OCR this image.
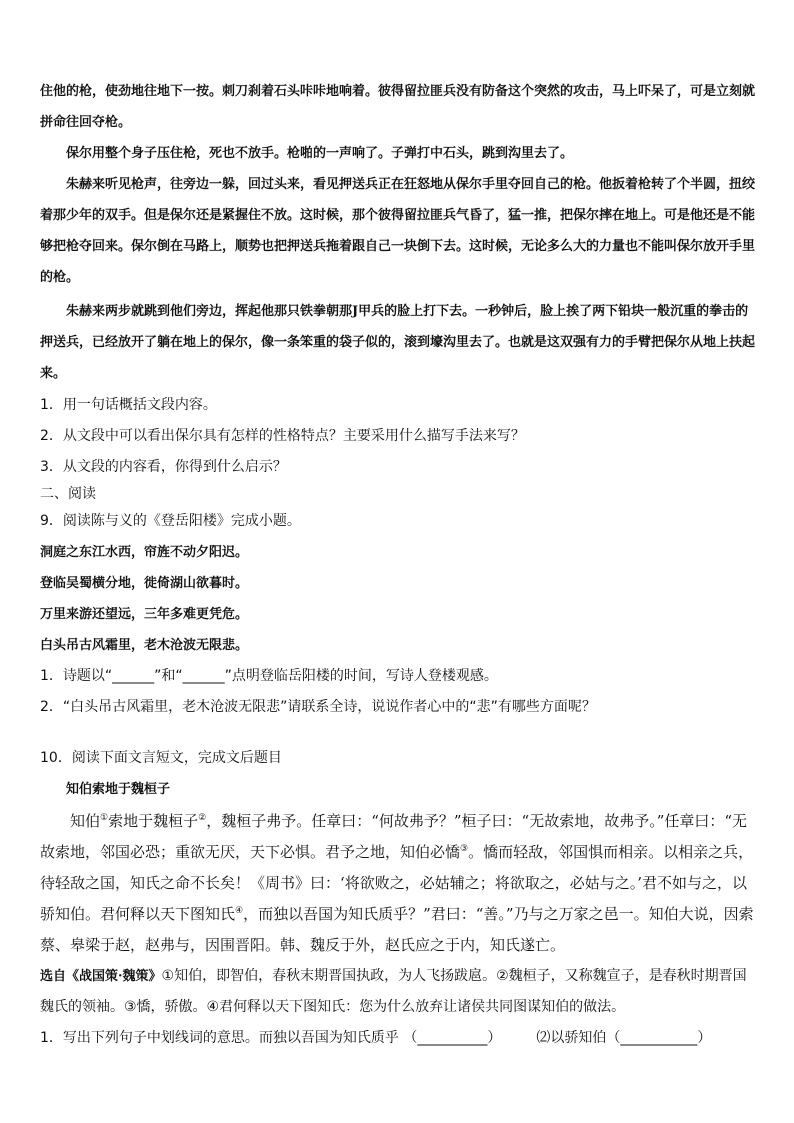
住他的枪，使劲地往地下一按。刺刀刹着石头咔咔地响着。彼得留拉匪兵没有防备这个突然的攻击，马上吓呆了，可是立刻就拼命往回夺枪。

保尔用整个身子压住枪，死也不放手。枪啪的一声响了。子弹打中石头，跳到沟里去了。

朱赫来听见枪声，往旁边一躲，回过头来，看见押送兵正在狂怒地从保尔手里夺回自己的枪。他扳着枪转了个半圆，扭绞着那少年的双手。但是保尔还是紧握住不放。这时候，那个彼得留拉匪兵气昏了，猛一推，把保尔摔在地上。可是他还是不能够把枪夺回来。保尔倒在马路上，顺势也把押送兵拖着跟自己一块倒下去。这时候，无论多么大的力量也不能叫保尔放开手里的枪。

朱赫来两步就跳到他们旁边，挥起他那只铁拳朝那J甲兵的脸上打下去。一秒钟后，脸上挨了两下铅块一般沉重的拳击的押送兵，已经放开了躺在地上的保尔，像一条笨重的袋子似的，滚到壕沟里去了。也就是这双强有力的手臂把保尔从地上扶起来。

1．用一句话概括文段内容。

2．从文段中可以看出保尔具有怎样的性格特点？主要采用什么描写手法来写？

3．从文段的内容看，你得到什么启示？

二、阅读

9．阅读陈与义的《登岳阳楼》完成小题。

洞庭之东江水西，帘旌不动夕阳迟。

登临吴蜀横分地，徙倚湖山欲暮时。

万里来游还望远，三年多难更凭危。

白头吊古风霜里，老木沧波无限悲。

1．诗题以“______”和“______”点明登临岳阳楼的时间，写诗人登楼观感。

2．“白头吊古风霜里，老木沧波无限悲”请联系全诗，说说作者心中的“悲”有哪些方面呢？

10．阅读下面文言短文，完成文后题目

知伯索地于魏桓子

知伯①索地于魏桓子②，魏桓子弗予。任章曰：“何故弗予？”桓子曰：“无故索地，故弗予。”任章曰：“无故索地，邻国必恐；重欲无厌，天下必惧。君予之地，知伯必憍③。憍而轻敌，邻国惧而相亲。以相亲之兵，待轻敌之国，知氏之命不长矣！《周书》曰：‘将欲败之，必姑辅之；将欲取之，必姑与之。’君不如与之，以骄知伯。君何释以天下图知氏④，而独以吾国为知氏质乎？”君曰：“善。”乃与之万家之邑一。知伯大说，因索蔡、皋梁于赵，赵弗与，因围晋阳。韩、魏反于外，赵氏应之于内，知氏遂亡。

选自《战国策·魏策》①知伯，即智伯，春秋末期晋国执政，为人飞扬跋扈。②魏桓子，又称魏宣子，是春秋时期晋国魏氏的领袖。③憍，骄傲。④君何释以天下图知氏：您为什么放弃让诸侯共同图谋知伯的做法。

1．写出下列句子中划线词的意思。而独以吾国为知氏质乎 （__________）　　　⑵以骄知伯（___________）
